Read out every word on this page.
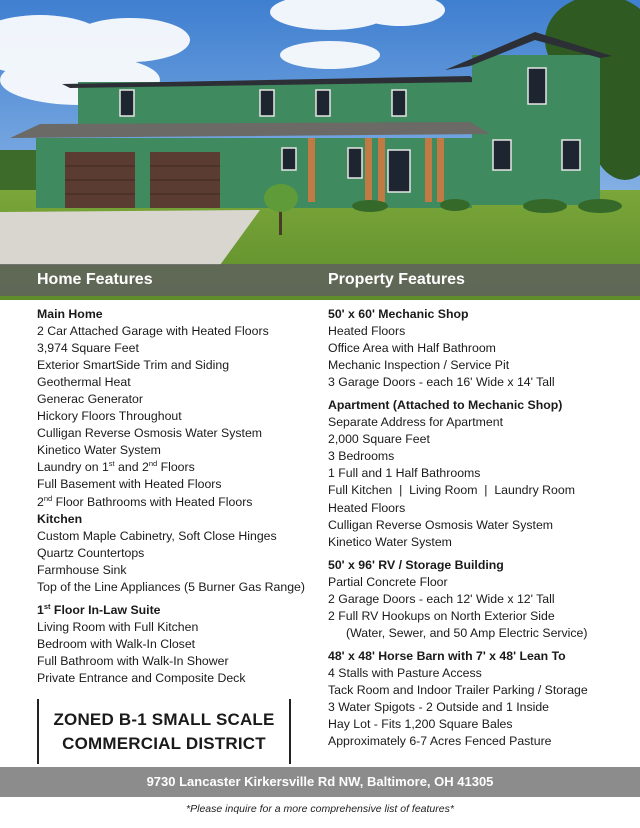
Home Features	Property Features
Main Home
2 Car Attached Garage with Heated Floors
3,974 Square Feet
Exterior SmartSide Trim and Siding
Geothermal Heat
Generac Generator
Hickory Floors Throughout
Culligan Reverse Osmosis Water System
Kinetico Water System
Laundry on 1st and 2nd Floors
Full Basement with Heated Floors
2nd Floor Bathrooms with Heated Floors
Kitchen
Custom Maple Cabinetry, Soft Close Hinges
Quartz Countertops
Farmhouse Sink
Top of the Line Appliances (5 Burner Gas Range)
1st Floor In-Law Suite
Living Room with Full Kitchen
Bedroom with Walk-In Closet
Full Bathroom with Walk-In Shower
Private Entrance and Composite Deck
50' x 60' Mechanic Shop
Heated Floors
Office Area with Half Bathroom
Mechanic Inspection / Service Pit
3 Garage Doors - each 16' Wide x 14' Tall
Apartment (Attached to Mechanic Shop)
Separate Address for Apartment
2,000 Square Feet
3 Bedrooms
1 Full and 1 Half Bathrooms
Full Kitchen  |  Living Room  |  Laundry Room
Heated Floors
Culligan Reverse Osmosis Water System
Kinetico Water System
50' x 96' RV / Storage Building
Partial Concrete Floor
2 Garage Doors - each 12' Wide x 12' Tall
2 Full RV Hookups on North Exterior Side
(Water, Sewer, and 50 Amp Electric Service)
48' x 48' Horse Barn with 7' x 48' Lean To
4 Stalls with Pasture Access
Tack Room and Indoor Trailer Parking / Storage
3 Water Spigots - 2 Outside and 1 Inside
Hay Lot - Fits 1,200 Square Bales
Approximately 6-7 Acres Fenced Pasture
ZONED B-1 SMALL SCALE
COMMERCIAL DISTRICT
9730 Lancaster Kirkersville Rd NW, Baltimore, OH 41305
*Please inquire for a more comprehensive list of features*
